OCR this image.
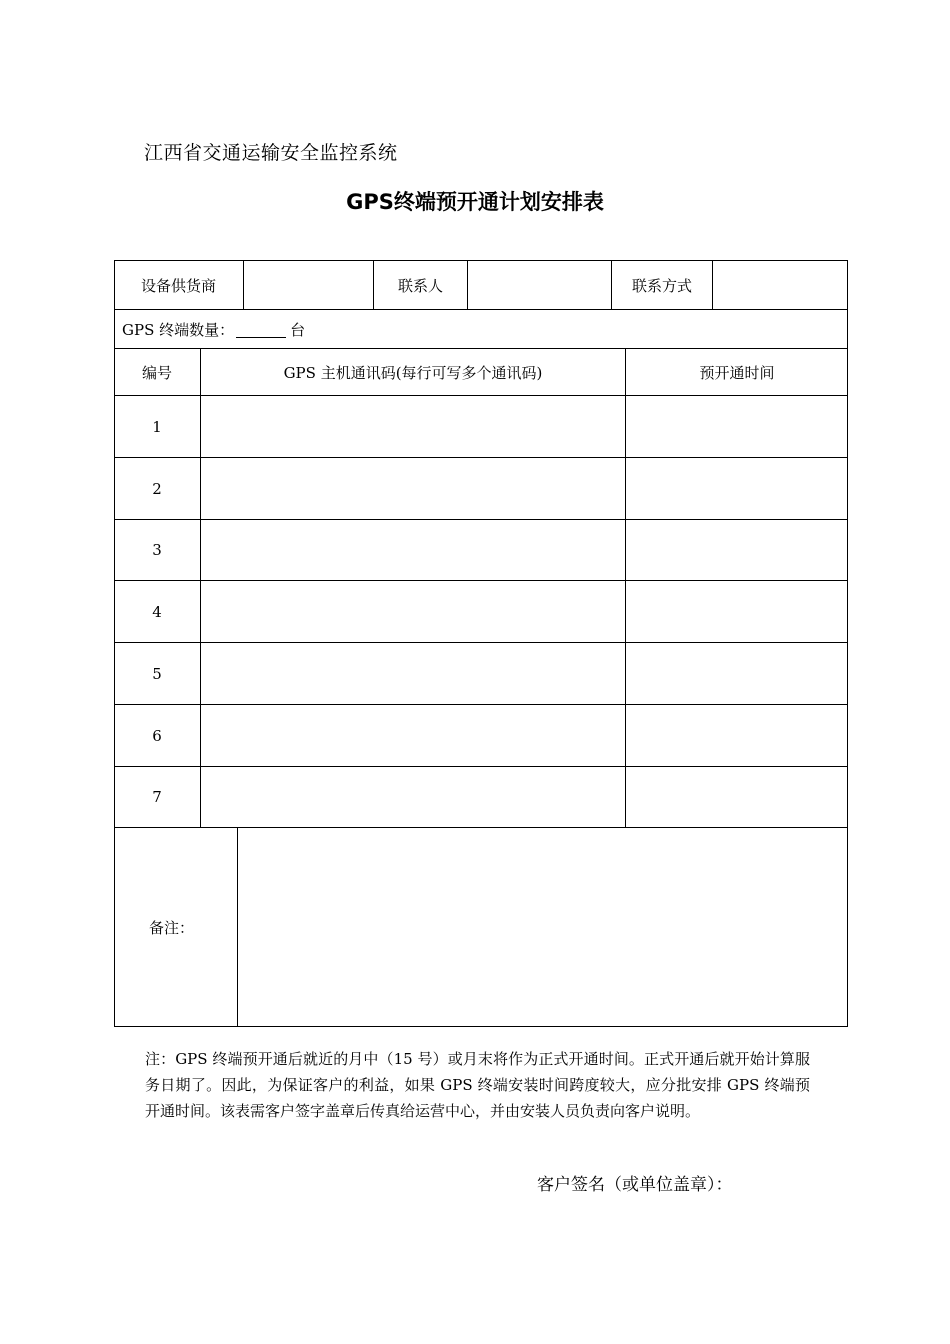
江西省交通运输安全监控系统
GPS终端预开通计划安排表
设备供货商	联系人	联系方式
GPS 终端数量：	台
编号	GPS 主机通讯码(每行可写多个通讯码)	预开通时间
1
2
3
4
5
6
7
备注：
注：GPS 终端预开通后就近的月中（15 号）或月末将作为正式开通时间。正式开通后就开始计算服务日期了。因此，为保证客户的利益，如果 GPS 终端安装时间跨度较大，应分批安排 GPS 终端预开通时间。该表需客户签字盖章后传真给运营中心，并由安装人员负责向客户说明。
客户签名（或单位盖章）：
